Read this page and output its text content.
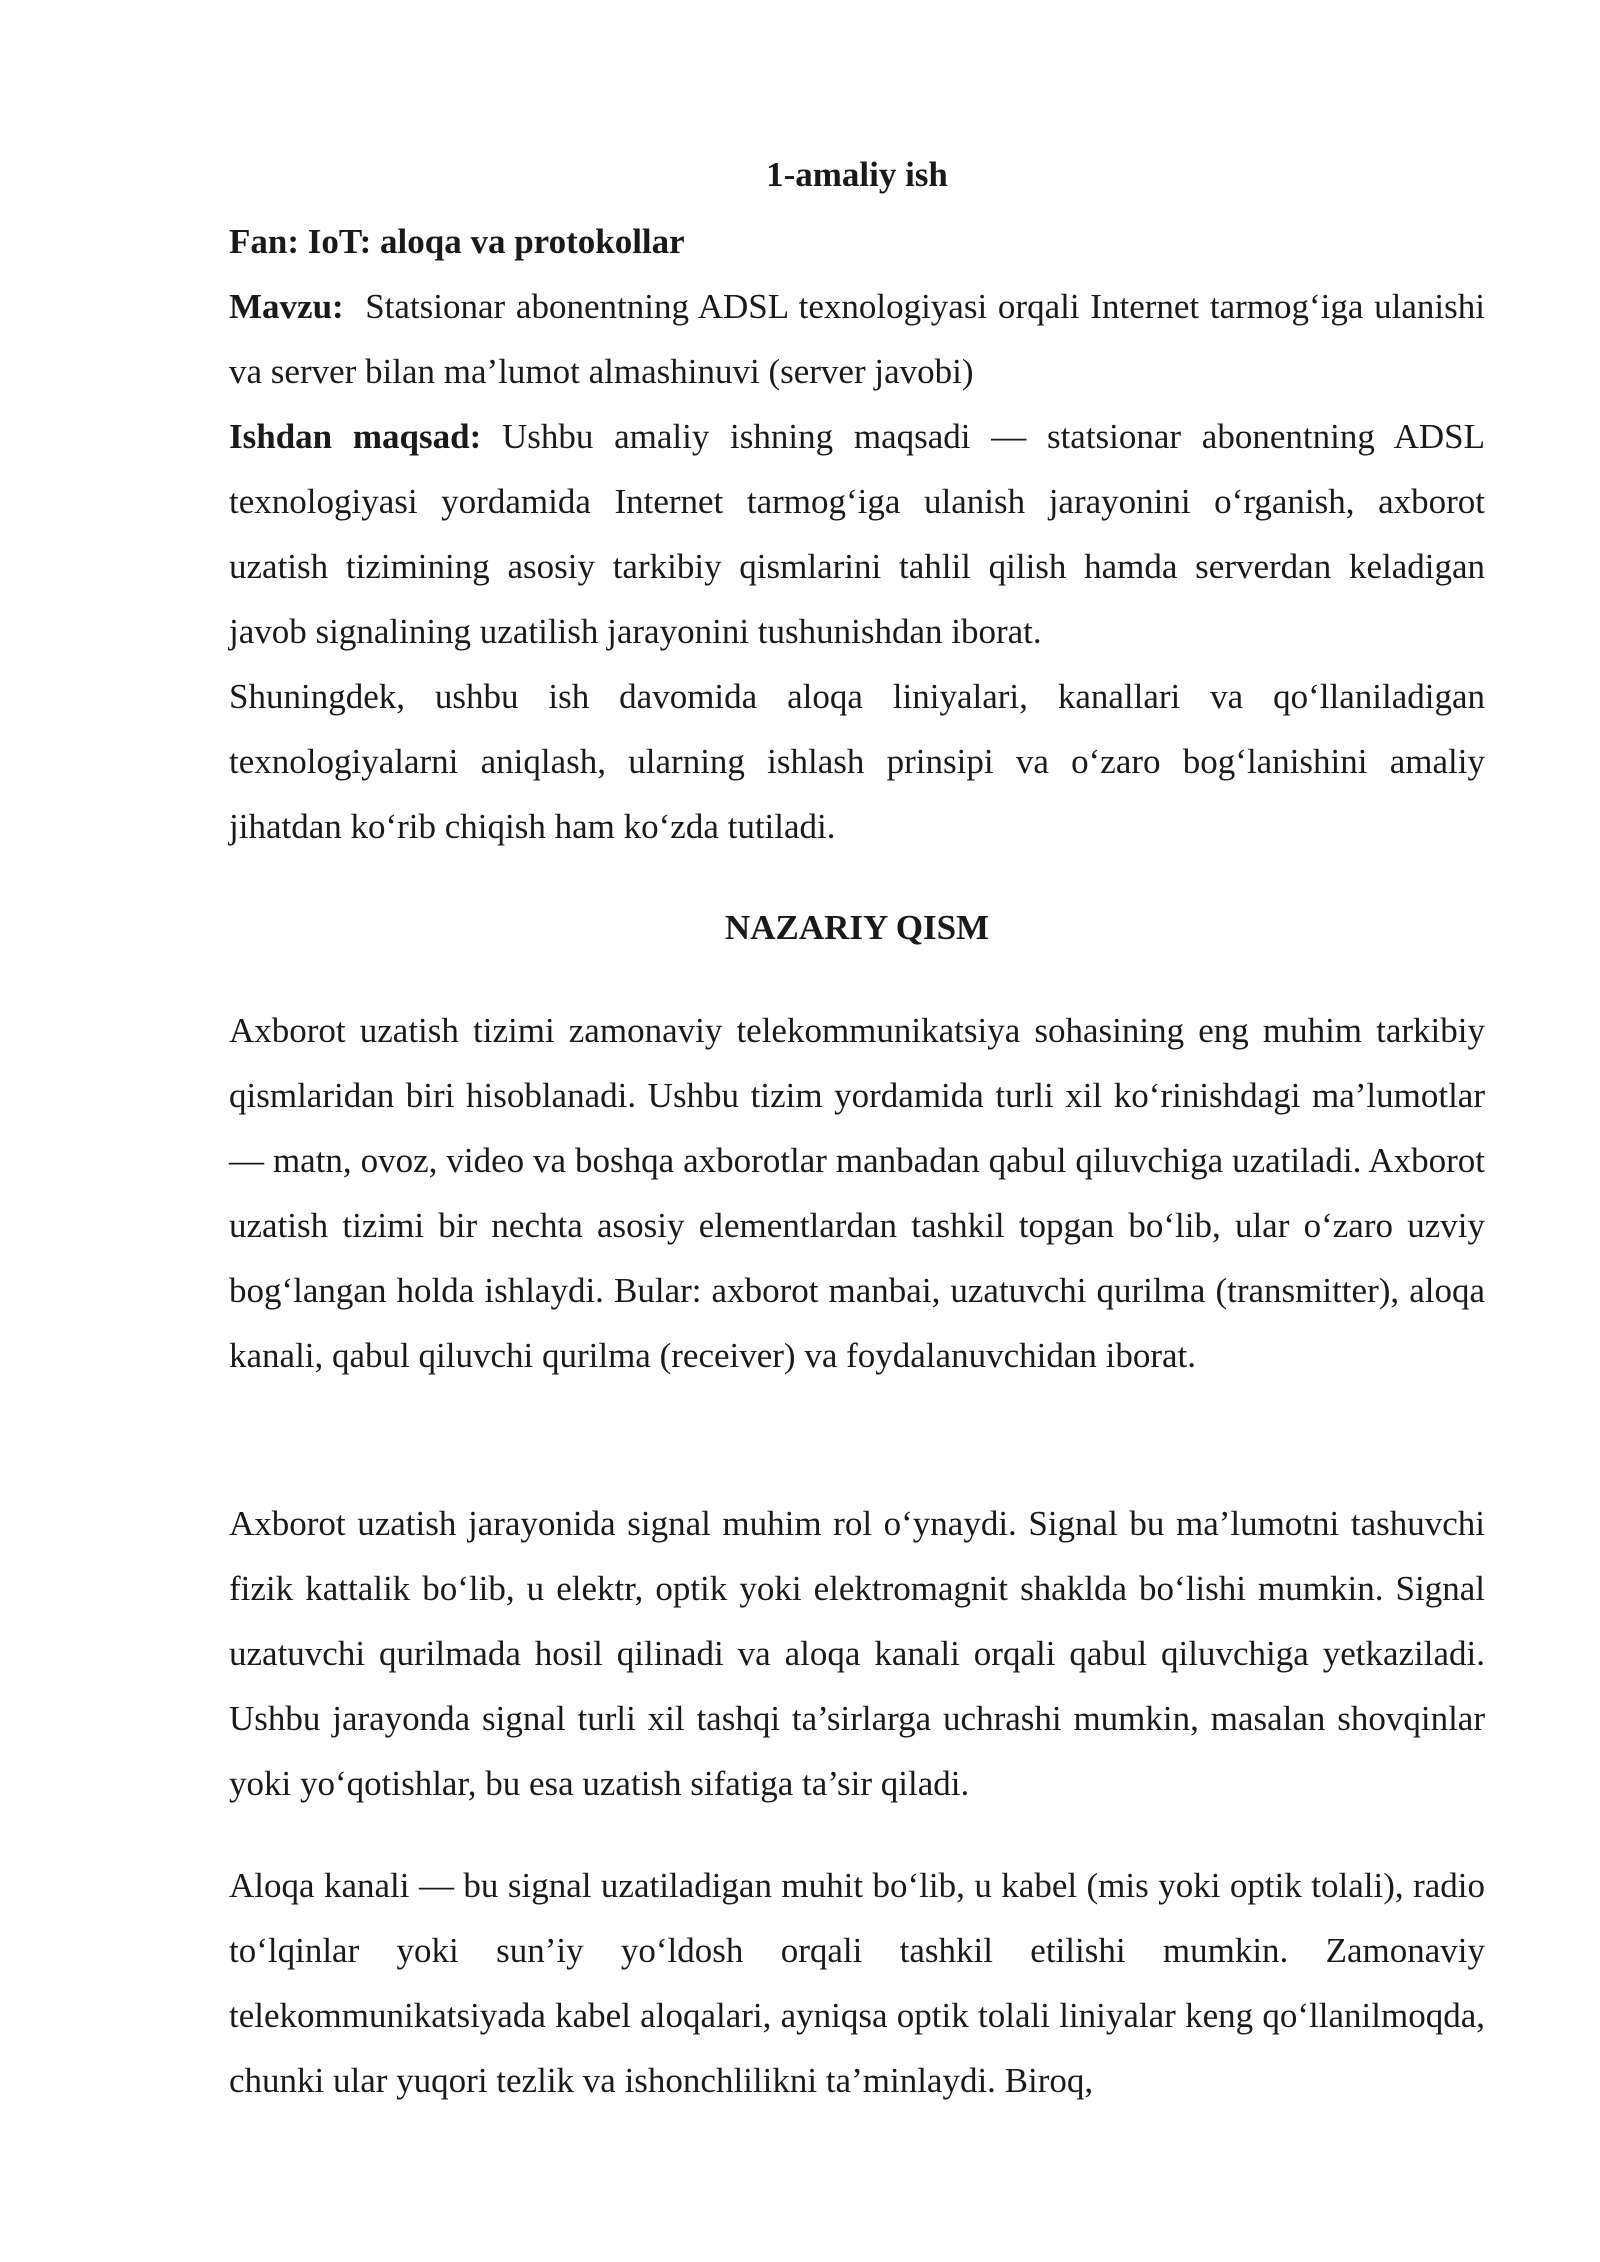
1-amaliy ish

Fan: IoT: aloqa va protokollar

Mavzu: Statsionar abonentning ADSL texnologiyasi orqali Internet tarmog‘iga ulanishi va server bilan ma’lumot almashinuvi (server javobi)

Ishdan maqsad: Ushbu amaliy ishning maqsadi — statsionar abonentning ADSL texnologiyasi yordamida Internet tarmog‘iga ulanish jarayonini o‘rganish, axborot uzatish tizimining asosiy tarkibiy qismlarini tahlil qilish hamda serverdan keladigan javob signalining uzatilish jarayonini tushunishdan iborat.

Shuningdek, ushbu ish davomida aloqa liniyalari, kanallari va qo‘llaniladigan texnologiyalarni aniqlash, ularning ishlash prinsipi va o‘zaro bog‘lanishini amaliy jihatdan ko‘rib chiqish ham ko‘zda tutiladi.

NAZARIY QISM

Axborot uzatish tizimi zamonaviy telekommunikatsiya sohasining eng muhim tarkibiy qismlaridan biri hisoblanadi. Ushbu tizim yordamida turli xil ko‘rinishdagi ma’lumotlar — matn, ovoz, video va boshqa axborotlar manbadan qabul qiluvchiga uzatiladi. Axborot uzatish tizimi bir nechta asosiy elementlardan tashkil topgan bo‘lib, ular o‘zaro uzviy bog‘langan holda ishlaydi. Bular: axborot manbai, uzatuvchi qurilma (transmitter), aloqa kanali, qabul qiluvchi qurilma (receiver) va foydalanuvchidan iborat.

Axborot uzatish jarayonida signal muhim rol o‘ynaydi. Signal bu ma’lumotni tashuvchi fizik kattalik bo‘lib, u elektr, optik yoki elektromagnit shaklda bo‘lishi mumkin. Signal uzatuvchi qurilmada hosil qilinadi va aloqa kanali orqali qabul qiluvchiga yetkaziladi. Ushbu jarayonda signal turli xil tashqi ta’sirlarga uchrashi mumkin, masalan shovqinlar yoki yo‘qotishlar, bu esa uzatish sifatiga ta’sir qiladi.

Aloqa kanali — bu signal uzatiladigan muhit bo‘lib, u kabel (mis yoki optik tolali), radio to‘lqinlar yoki sun’iy yo‘ldosh orqali tashkil etilishi mumkin. Zamonaviy telekommunikatsiyada kabel aloqalari, ayniqsa optik tolali liniyalar keng qo‘llanilmoqda, chunki ular yuqori tezlik va ishonchlilikni ta’minlaydi. Biroq,
